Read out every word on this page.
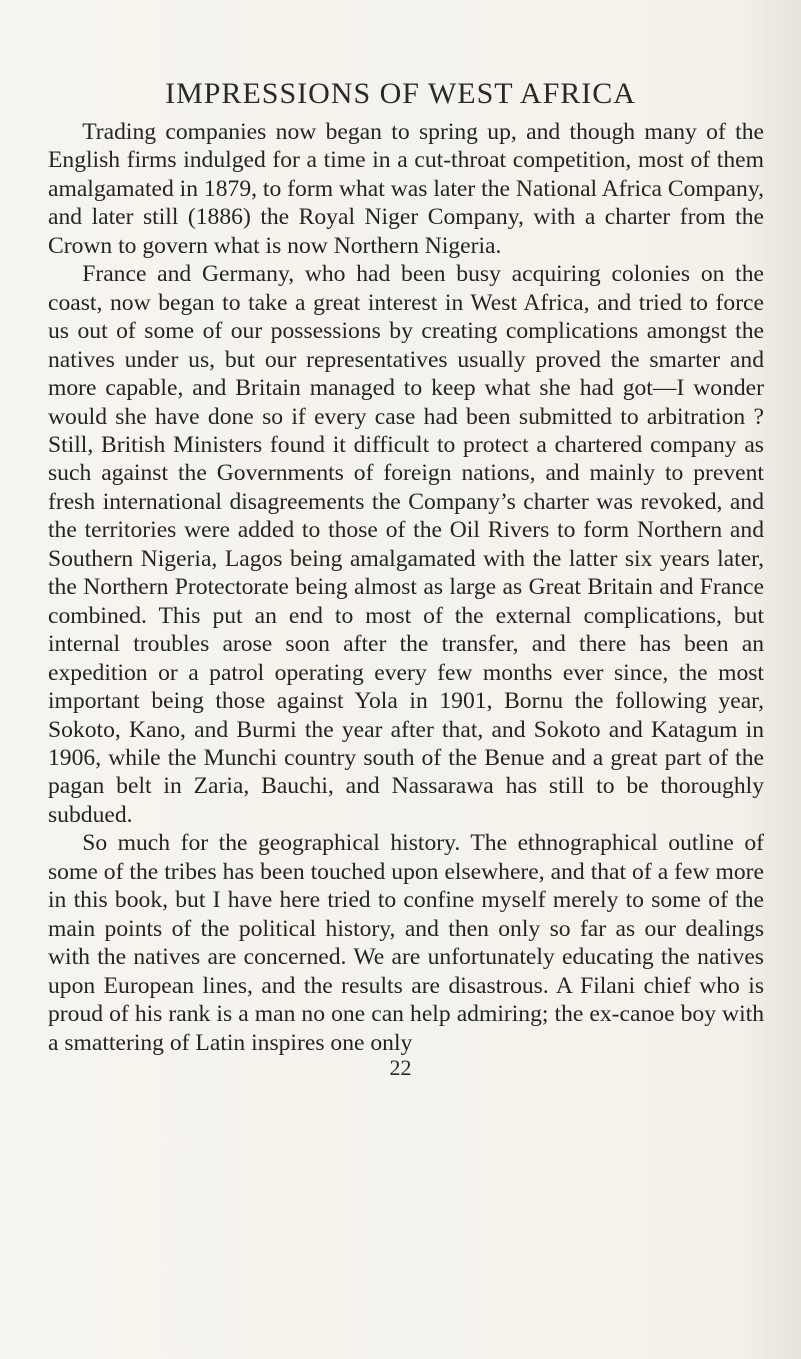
IMPRESSIONS OF WEST AFRICA

Trading companies now began to spring up, and though many of the English firms indulged for a time in a cut-throat competition, most of them amalgamated in 1879, to form what was later the National Africa Company, and later still (1886) the Royal Niger Company, with a charter from the Crown to govern what is now Northern Nigeria.

France and Germany, who had been busy acquiring colonies on the coast, now began to take a great interest in West Africa, and tried to force us out of some of our possessions by creating complications amongst the natives under us, but our representatives usually proved the smarter and more capable, and Britain managed to keep what she had got—I wonder would she have done so if every case had been submitted to arbitration ? Still, British Ministers found it difficult to protect a chartered company as such against the Governments of foreign nations, and mainly to prevent fresh international disagreements the Company’s charter was revoked, and the territories were added to those of the Oil Rivers to form Northern and Southern Nigeria, Lagos being amalgamated with the latter six years later, the Northern Protectorate being almost as large as Great Britain and France combined. This put an end to most of the external complications, but internal troubles arose soon after the transfer, and there has been an expedition or a patrol operating every few months ever since, the most important being those against Yola in 1901, Bornu the following year, Sokoto, Kano, and Burmi the year after that, and Sokoto and Katagum in 1906, while the Munchi country south of the Benue and a great part of the pagan belt in Zaria, Bauchi, and Nassarawa has still to be thoroughly subdued.

So much for the geographical history. The ethnographical outline of some of the tribes has been touched upon elsewhere, and that of a few more in this book, but I have here tried to confine myself merely to some of the main points of the political history, and then only so far as our dealings with the natives are concerned. We are unfortunately educating the natives upon European lines, and the results are disastrous. A Filani chief who is proud of his rank is a man no one can help admiring; the ex-canoe boy with a smattering of Latin inspires one only

22
